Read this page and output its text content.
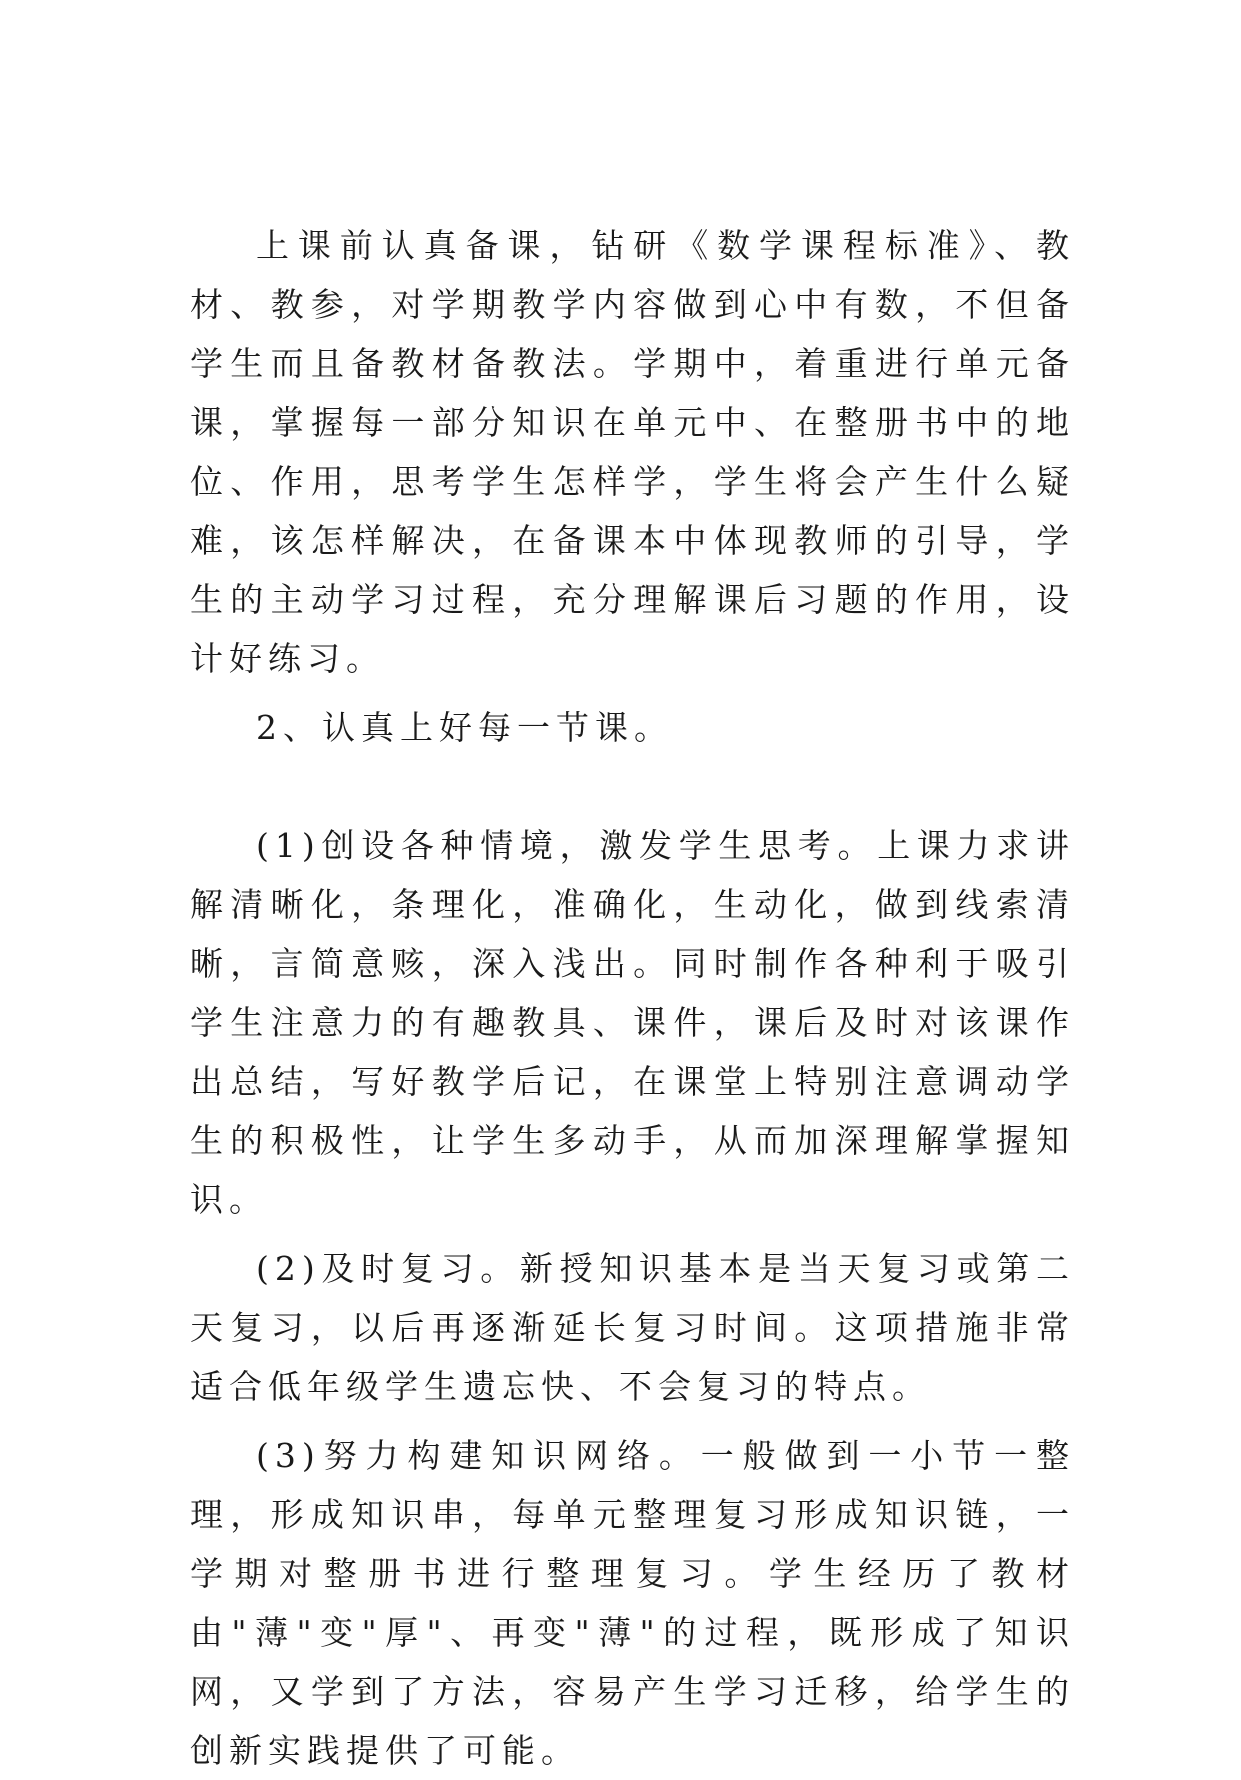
上课前认真备课，钻研《数学课程标准》、教材、教参，对学期教学内容做到心中有数，不但备学生而且备教材备教法。学期中，着重进行单元备课，掌握每一部分知识在单元中、在整册书中的地位、作用，思考学生怎样学，学生将会产生什么疑难，该怎样解决，在备课本中体现教师的引导，学生的主动学习过程，充分理解课后习题的作用，设计好练习。

2、认真上好每一节课。

(1)创设各种情境，激发学生思考。上课力求讲解清晰化，条理化，准确化，生动化，做到线索清晰，言简意赅，深入浅出。同时制作各种利于吸引学生注意力的有趣教具、课件，课后及时对该课作出总结，写好教学后记，在课堂上特别注意调动学生的积极性，让学生多动手，从而加深理解掌握知识。

(2)及时复习。新授知识基本是当天复习或第二天复习，以后再逐渐延长复习时间。这项措施非常适合低年级学生遗忘快、不会复习的特点。

(3)努力构建知识网络。一般做到一小节一整理，形成知识串，每单元整理复习形成知识链，一学期对整册书进行整理复习。学生经历了教材由"薄"变"厚"、再变"薄"的过程，既形成了知识网，又学到了方法，容易产生学习迁移，给学生的创新实践提供了可能。
